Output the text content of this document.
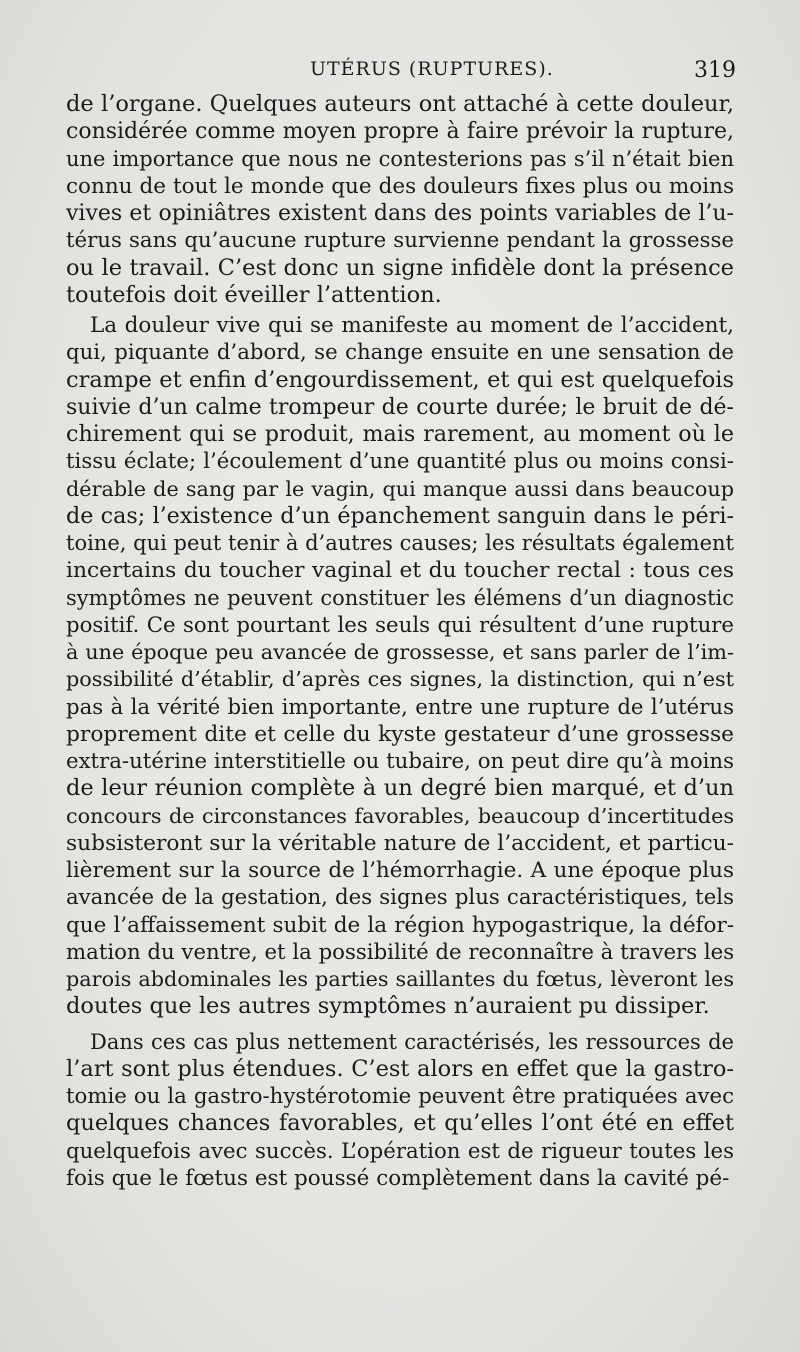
UTÉRUS (RUPTURES).	319
de l’organe. Quelques auteurs ont attaché à cette douleur,
considérée comme moyen propre à faire prévoir la rupture,
une importance que nous ne contesterions pas s’il n’était bien
connu de tout le monde que des douleurs fixes plus ou moins
vives et opiniâtres existent dans des points variables de l’u-
térus sans qu’aucune rupture survienne pendant la grossesse
ou le travail. C’est donc un signe infidèle dont la présence
toutefois doit éveiller l’attention.
La douleur vive qui se manifeste au moment de l’accident,
qui, piquante d’abord, se change ensuite en une sensation de
crampe et enfin d’engourdissement, et qui est quelquefois
suivie d’un calme trompeur de courte durée; le bruit de dé-
chirement qui se produit, mais rarement, au moment où le
tissu éclate; l’écoulement d’une quantité plus ou moins consi-
dérable de sang par le vagin, qui manque aussi dans beaucoup
de cas; l’existence d’un épanchement sanguin dans le péri-
toine, qui peut tenir à d’autres causes; les résultats également
incertains du toucher vaginal et du toucher rectal : tous ces
symptômes ne peuvent constituer les élémens d’un diagnostic
positif. Ce sont pourtant les seuls qui résultent d’une rupture
à une époque peu avancée de grossesse, et sans parler de l’im-
possibilité d’établir, d’après ces signes, la distinction, qui n’est
pas à la vérité bien importante, entre une rupture de l’utérus
proprement dite et celle du kyste gestateur d’une grossesse
extra-utérine interstitielle ou tubaire, on peut dire qu’à moins
de leur réunion complète à un degré bien marqué, et d’un
concours de circonstances favorables, beaucoup d’incertitudes
subsisteront sur la véritable nature de l’accident, et particu-
lièrement sur la source de l’hémorrhagie. A une époque plus
avancée de la gestation, des signes plus caractéristiques, tels
que l’affaissement subit de la région hypogastrique, la défor-
mation du ventre, et la possibilité de reconnaître à travers les
parois abdominales les parties saillantes du fœtus, lèveront les
doutes que les autres symptômes n’auraient pu dissiper.
Dans ces cas plus nettement caractérisés, les ressources de
l’art sont plus étendues. C’est alors en effet que la gastro-
tomie ou la gastro-hystérotomie peuvent être pratiquées avec
quelques chances favorables, et qu’elles l’ont été en effet
quelquefois avec succès. L’opération est de rigueur toutes les
fois que le fœtus est poussé complètement dans la cavité pé-
